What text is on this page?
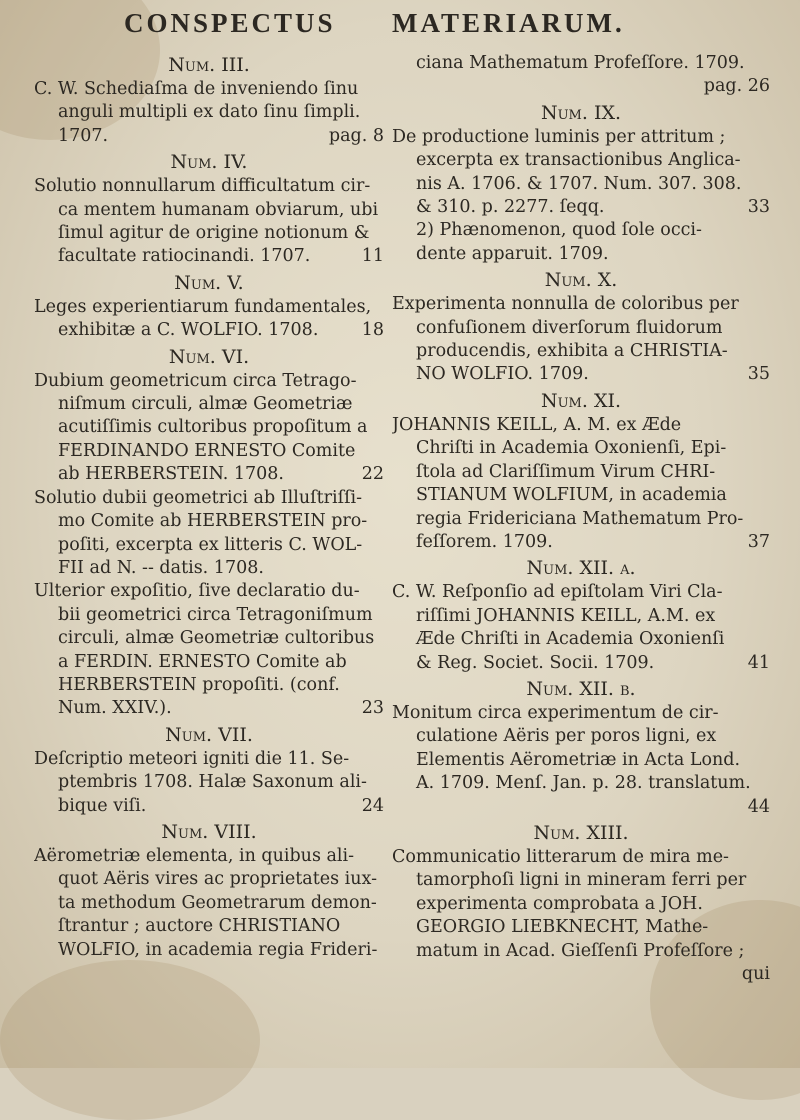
CONSPECTUS MATERIARUM.
Num. III.
C. W. Schediaſma de inveniendo ſinu
anguli multipli ex dato ſinu ſimpli.
1707.	pag. 8
Num. IV.
Solutio nonnullarum difficultatum cir-
ca mentem humanam obviarum, ubi
ſimul agitur de origine notionum &
facultate ratiocinandi. 1707.	11
Num. V.
Leges experientiarum fundamentales,
exhibitæ a C. WOLFIO. 1708. 18
Num. VI.
Dubium geometricum circa Tetrago-
niſmum circuli, almæ Geometriæ
acutiſſimis cultoribus propoſitum a
FERDINANDO ERNESTO Comite
ab HERBERSTEIN. 1708.	22
Solutio dubii geometrici ab Illuſtriſſi-
mo Comite ab HERBERSTEIN pro-
poſiti, excerpta ex litteris C. WOL-
FII ad N. -- datis. 1708.
Ulterior expoſitio, ſive declaratio du-
bii geometrici circa Tetragoniſmum
circuli, almæ Geometriæ cultoribus
a FERDIN. ERNESTO Comite ab
HERBERSTEIN propoſiti. (conf.
Num. XXIV.).	23
Num. VII.
Deſcriptio meteori igniti die 11. Se-
ptembris 1708. Halæ Saxonum ali-
bique viſi.	24
Num. VIII.
Aërometriæ elementa, in quibus ali-
quot Aëris vires ac proprietates iux-
ta methodum Geometrarum demon-
ſtrantur ; auctore CHRISTIANO
WOLFIO, in academia regia Frideri-
ciana Mathematum Profeſſore. 1709.
pag. 26
Num. IX.
De productione luminis per attritum ;
excerpta ex transactionibus Anglica-
nis A. 1706. & 1707. Num. 307. 308.
& 310. p. 2277. ſeqq.	33
2) Phænomenon, quod ſole occi-
dente apparuit. 1709.
Num. X.
Experimenta nonnulla de coloribus per
confuſionem diverſorum fluidorum
producendis, exhibita a CHRISTIA-
NO WOLFIO. 1709.	35
Num. XI.
JOHANNIS KEILL, A. M. ex Æde
Chriſti in Academia Oxonienſi, Epi-
ſtola ad Clariſſimum Virum CHRI-
STIANUM WOLFIUM, in academia
regia Fridericiana Mathematum Pro-
feſſorem. 1709.	37
Num. XII. a.
C. W. Reſponſio ad epiſtolam Viri Cla-
riſſimi JOHANNIS KEILL, A.M. ex
Æde Chriſti in Academia Oxonienſi
& Reg. Societ. Socii. 1709.	41
Num. XII. b.
Monitum circa experimentum de cir-
culatione Aëris per poros ligni, ex
Elementis Aërometriæ in Acta Lond.
A. 1709. Menſ. Jan. p. 28. translatum.
44
Num. XIII.
Communicatio litterarum de mira me-
tamorphoſi ligni in mineram ferri per
experimenta comprobata a JOH.
GEORGIO LIEBKNECHT, Mathe-
matum in Acad. Gieſſenſi Profeſſore ;
qui
